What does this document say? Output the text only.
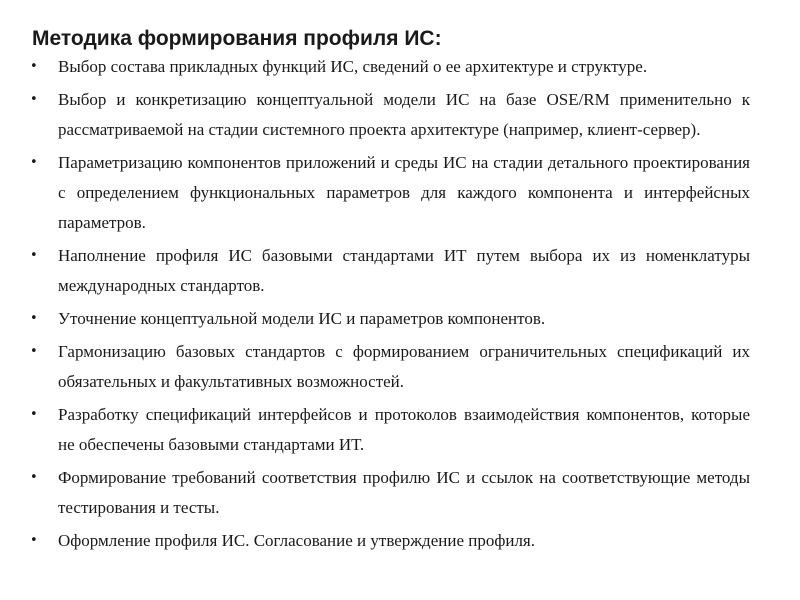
Методика формирования профиля ИС:
•	Выбор состава прикладных функций ИС, сведений о ее архитектуре и структуре.
•	Выбор и конкретизацию концептуальной модели ИС на базе OSE/RM применительно к рассматриваемой на стадии системного проекта архитектуре (например, клиент-сервер).
•	Параметризацию компонентов приложений и среды ИС на стадии детального проектирования с определением функциональных параметров для каждого компонента и интерфейсных параметров.
•	Наполнение профиля ИС базовыми стандартами ИТ путем выбора их из номенклатуры международных стандартов.
•	Уточнение концептуальной модели ИС и параметров компонентов.
•	Гармонизацию базовых стандартов с формированием ограничительных спецификаций их обязательных и факультативных возможностей.
•	Разработку спецификаций интерфейсов и протоколов взаимодействия компонентов, которые не обеспечены базовыми стандартами ИТ.
•	Формирование требований соответствия профилю ИС и ссылок на соответствующие методы тестирования и тесты.
•	Оформление профиля ИС. Согласование и утверждение профиля.
